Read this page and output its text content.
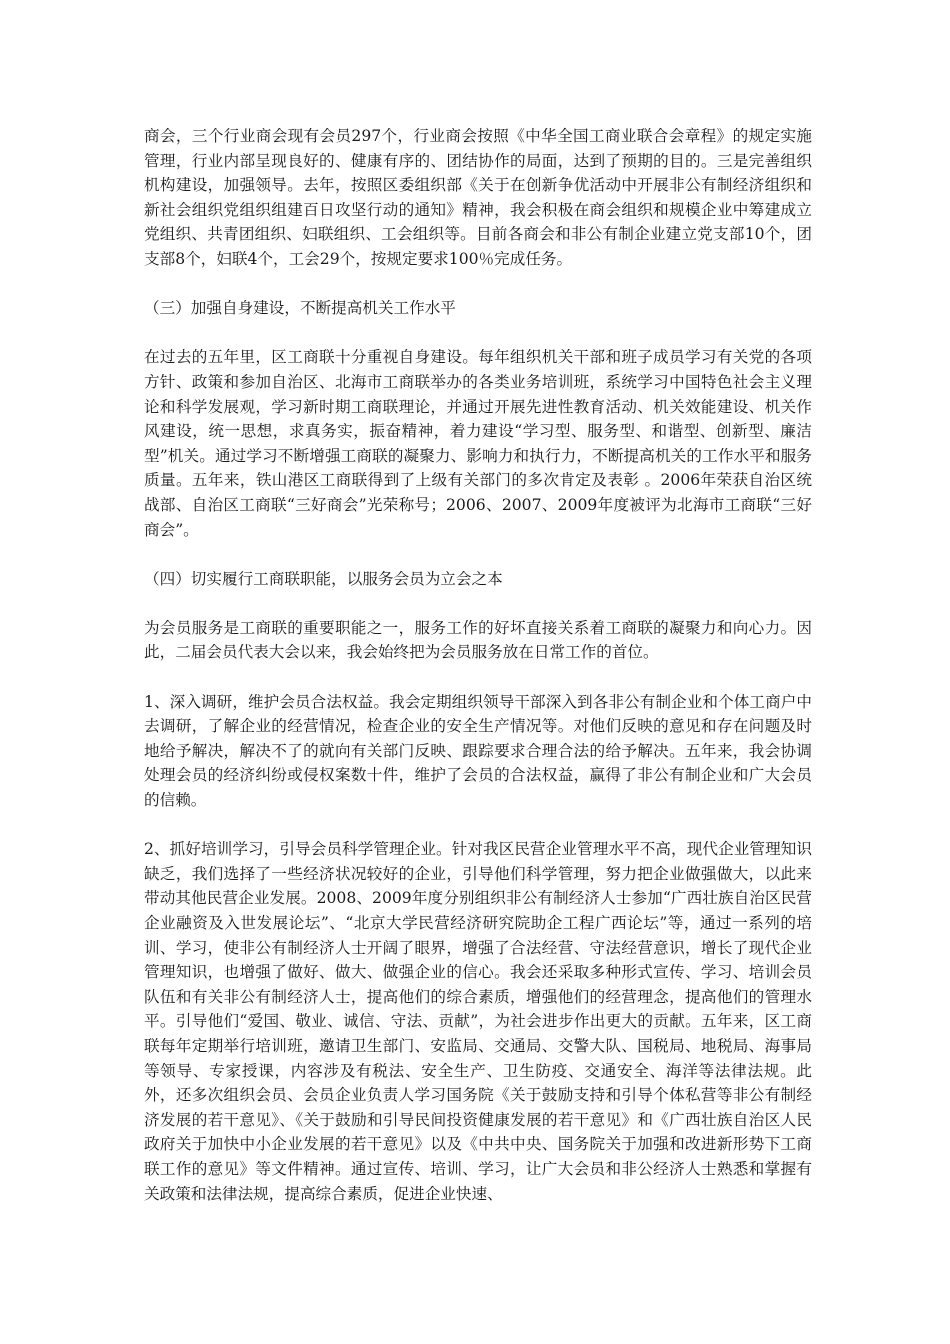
商会，三个行业商会现有会员297个，行业商会按照《中华全国工商业联合会章程》的规定实施管理，行业内部呈现良好的、健康有序的、团结协作的局面，达到了预期的目的。三是完善组织机构建设，加强领导。去年，按照区委组织部《关于在创新争优活动中开展非公有制经济组织和新社会组织党组织组建百日攻坚行动的通知》精神，我会积极在商会组织和规模企业中筹建成立党组织、共青团组织、妇联组织、工会组织等。目前各商会和非公有制企业建立党支部10个，团支部8个，妇联4个，工会29个，按规定要求100％完成任务。

（三）加强自身建设，不断提高机关工作水平

在过去的五年里，区工商联十分重视自身建设。每年组织机关干部和班子成员学习有关党的各项方针、政策和参加自治区、北海市工商联举办的各类业务培训班，系统学习中国特色社会主义理论和科学发展观，学习新时期工商联理论，并通过开展先进性教育活动、机关效能建设、机关作风建设，统一思想，求真务实，振奋精神，着力建设“学习型、服务型、和谐型、创新型、廉洁型”机关。通过学习不断增强工商联的凝聚力、影响力和执行力，不断提高机关的工作水平和服务质量。五年来，铁山港区工商联得到了上级有关部门的多次肯定及表彰 。2006年荣获自治区统战部、自治区工商联“三好商会”光荣称号；2006、2007、2009年度被评为北海市工商联“三好商会”。

（四）切实履行工商联职能，以服务会员为立会之本

为会员服务是工商联的重要职能之一，服务工作的好坏直接关系着工商联的凝聚力和向心力。因此，二届会员代表大会以来，我会始终把为会员服务放在日常工作的首位。

1、深入调研，维护会员合法权益。我会定期组织领导干部深入到各非公有制企业和个体工商户中去调研，了解企业的经营情况，检查企业的安全生产情况等。对他们反映的意见和存在问题及时地给予解决，解决不了的就向有关部门反映、跟踪要求合理合法的给予解决。五年来，我会协调处理会员的经济纠纷或侵权案数十件，维护了会员的合法权益，赢得了非公有制企业和广大会员的信赖。

2、抓好培训学习，引导会员科学管理企业。针对我区民营企业管理水平不高，现代企业管理知识缺乏，我们选择了一些经济状况较好的企业，引导他们科学管理，努力把企业做强做大，以此来带动其他民营企业发展。2008、2009年度分别组织非公有制经济人士参加“广西壮族自治区民营企业融资及入世发展论坛”、“北京大学民营经济研究院助企工程广西论坛”等，通过一系列的培训、学习，使非公有制经济人士开阔了眼界，增强了合法经营、守法经营意识，增长了现代企业管理知识，也增强了做好、做大、做强企业的信心。我会还采取多种形式宣传、学习、培训会员队伍和有关非公有制经济人士，提高他们的综合素质，增强他们的经营理念，提高他们的管理水平。引导他们“爱国、敬业、诚信、守法、贡献”，为社会进步作出更大的贡献。五年来，区工商联每年定期举行培训班，邀请卫生部门、安监局、交通局、交警大队、国税局、地税局、海事局等领导、专家授课，内容涉及有税法、安全生产、卫生防疫、交通安全、海洋等法律法规。此外，还多次组织会员、会员企业负责人学习国务院《关于鼓励支持和引导个体私营等非公有制经济发展的若干意见》、《关于鼓励和引导民间投资健康发展的若干意见》和《广西壮族自治区人民政府关于加快中小企业发展的若干意见》以及《中共中央、国务院关于加强和改进新形势下工商联工作的意见》等文件精神。通过宣传、培训、学习，让广大会员和非公经济人士熟悉和掌握有关政策和法律法规，提高综合素质，促进企业快速、
